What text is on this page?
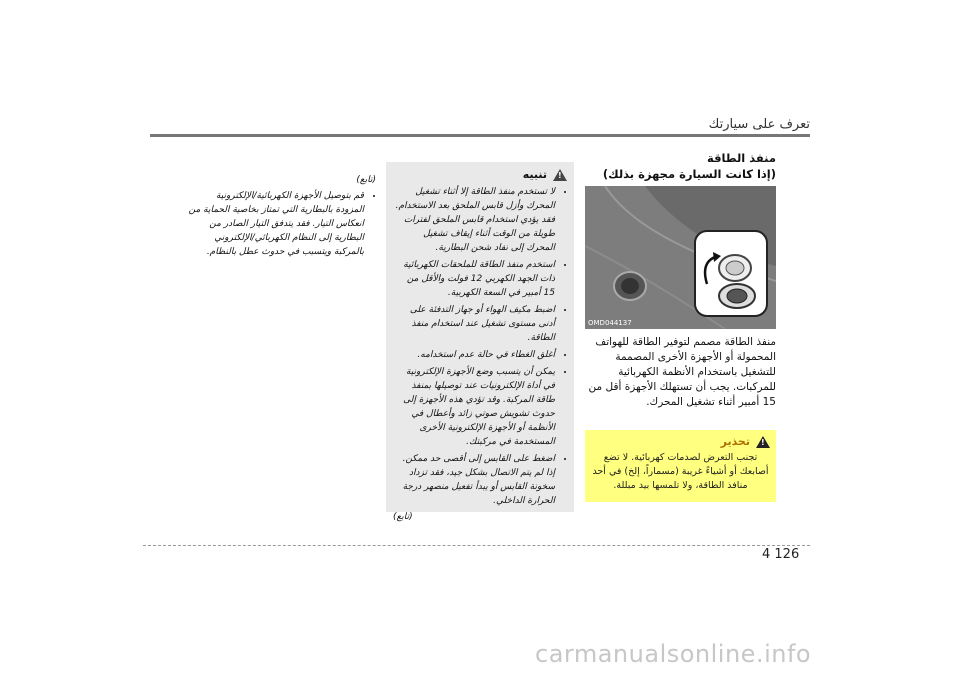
تعرف على سيارتك

منفذ الطاقة

(إذا كانت السيارة مجهزة بذلك)

OMD044137

منفذ الطاقة مصمم لتوفير الطاقة للهواتف المحمولة أو الأجهزة الأخرى المصممة للتشغيل باستخدام الأنظمة الكهربائية للمركبات. يجب أن تستهلك الأجهزة أقل من 15 أمبير أثناء تشغيل المحرك.

!
تحذير
تجنب التعرض لصدمات كهربائية. لا تضع أصابعك أو أشياءً غريبة (مسماراً، إلخ) في أحد منافذ الطاقة، ولا تلمسها بيد مبللة.
!
تنبيه
• لا تستخدم منفذ الطاقة إلا أثناء تشغيل المحرك وأزل قابس الملحق بعد الاستخدام. فقد يؤدي استخدام قابس الملحق لفترات طويلة من الوقت أثناء إيقاف تشغيل المحرك إلى نفاد شحن البطارية.
• استخدم منفذ الطاقة للملحقات الكهربائية ذات الجهد الكهربي 12 فولت والأقل من 15 أمبير في السعة الكهربية.
• اضبط مكيف الهواء أو جهاز التدفئة على أدنى مستوى تشغيل عند استخدام منفذ الطاقة.
• أغلق الغطاء في حالة عدم استخدامه.
• يمكن أن يتسبب وضع الأجهزة الإلكترونية في أداة الإلكترونيات عند توصيلها بمنفذ طاقة المركبة. وقد تؤدي هذه الأجهزة إلى حدوث تشويش صوتي زائد وأعطال في الأنظمة أو الأجهزة الإلكترونية الأخرى المستخدمة في مركبتك.
• اضغط على القابس إلى أقصى حد ممكن. إذا لم يتم الاتصال بشكل جيد، فقد تزداد سخونة القابس أو يبدأ تفعيل منصهر درجة الحرارة الداخلي.
(تابع)
(تابع)
• قم بتوصيل الأجهزة الكهربائية/الإلكترونية المزودة بالبطارية التي تمتاز بخاصية الحماية من انعكاس التيار. فقد يتدفق التيار الصادر من البطارية إلى النظام الكهربائي/الإلكتروني بالمركبة ويتسبب في حدوث عطل بالنظام.
4 126
carmanualsonline.info
